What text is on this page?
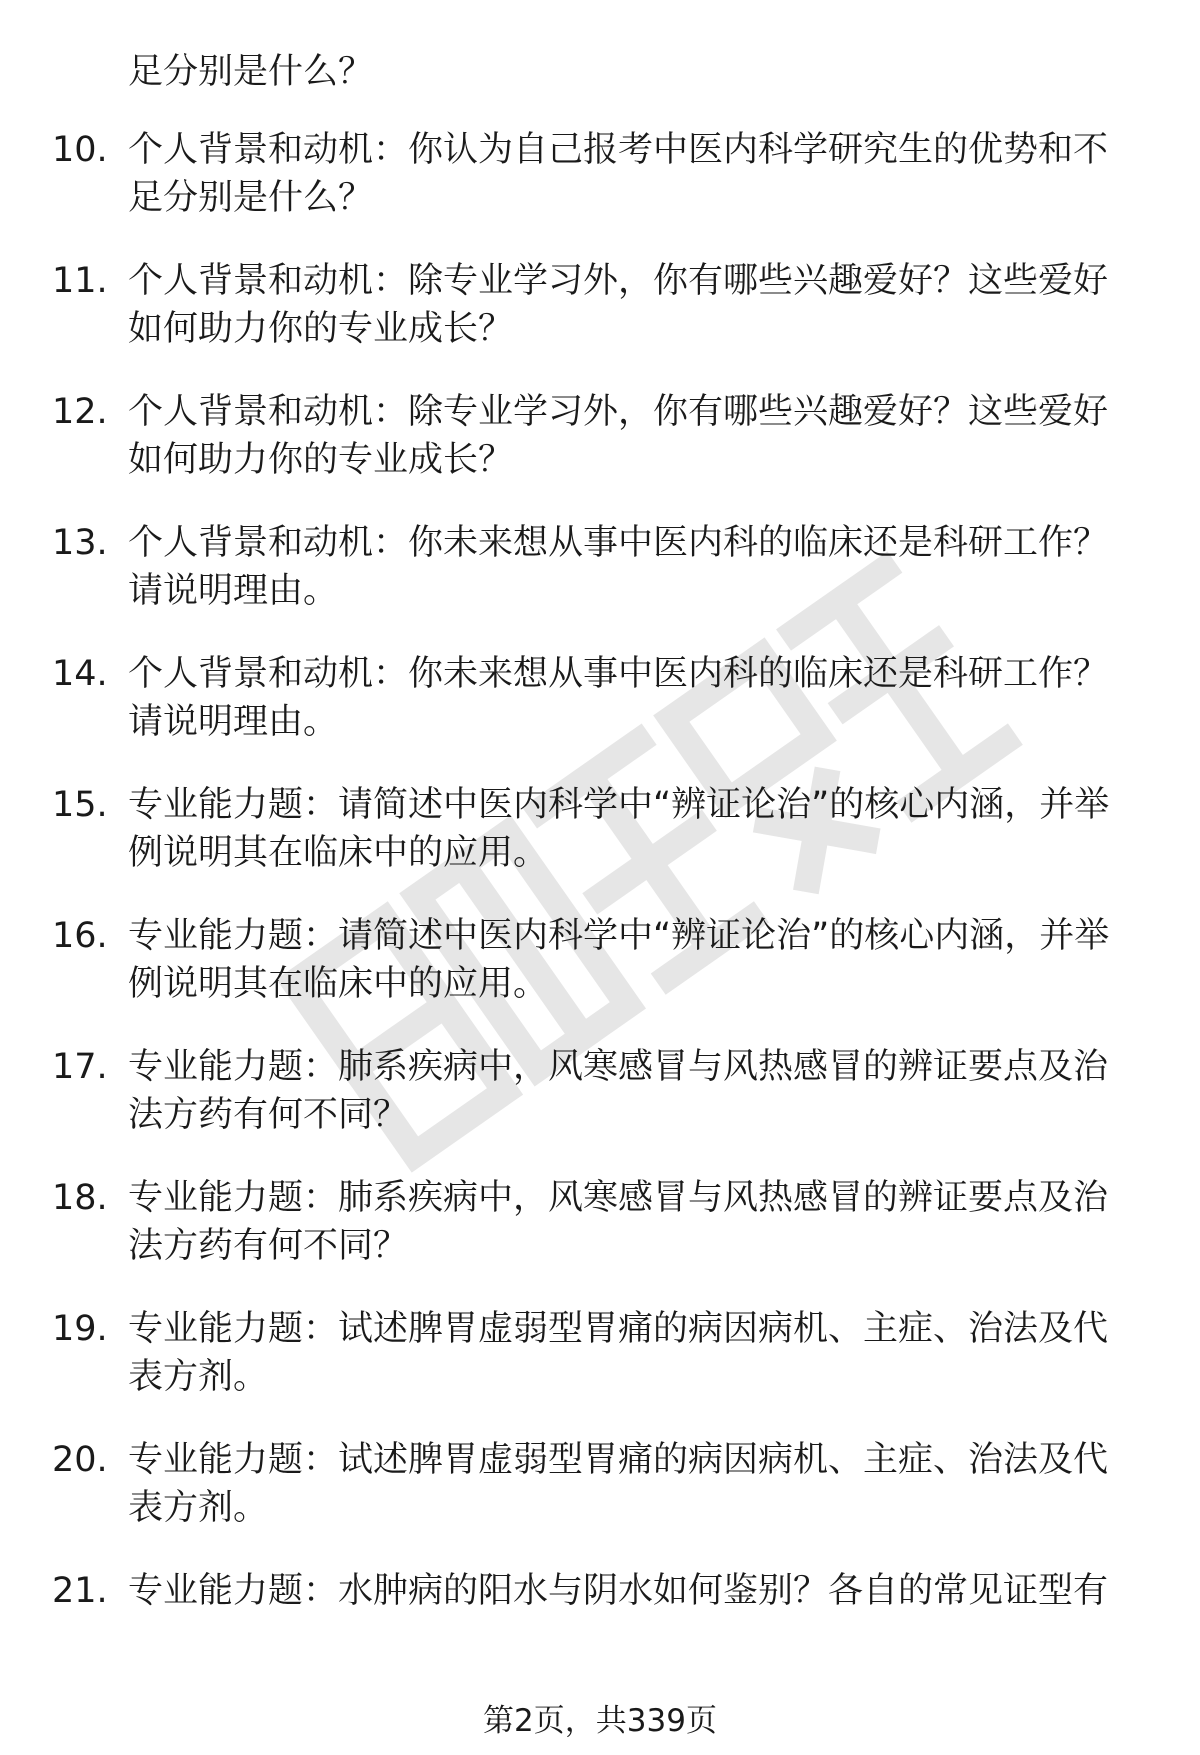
足分别是什么？
10. 个人背景和动机：你认为自己报考中医内科学研究生的优势和不足分别是什么？
11. 个人背景和动机：除专业学习外，你有哪些兴趣爱好？这些爱好如何助力你的专业成长？
12. 个人背景和动机：除专业学习外，你有哪些兴趣爱好？这些爱好如何助力你的专业成长？
13. 个人背景和动机：你未来想从事中医内科的临床还是科研工作？请说明理由。
14. 个人背景和动机：你未来想从事中医内科的临床还是科研工作？请说明理由。
15. 专业能力题：请简述中医内科学中“辨证论治”的核心内涵，并举例说明其在临床中的应用。
16. 专业能力题：请简述中医内科学中“辨证论治”的核心内涵，并举例说明其在临床中的应用。
17. 专业能力题：肺系疾病中，风寒感冒与风热感冒的辨证要点及治法方药有何不同？
18. 专业能力题：肺系疾病中，风寒感冒与风热感冒的辨证要点及治法方药有何不同？
19. 专业能力题：试述脾胃虚弱型胃痛的病因病机、主症、治法及代表方剂。
20. 专业能力题：试述脾胃虚弱型胃痛的病因病机、主症、治法及代表方剂。
21. 专业能力题：水肿病的阳水与阴水如何鉴别？各自的常见证型有
第2页，共339页
